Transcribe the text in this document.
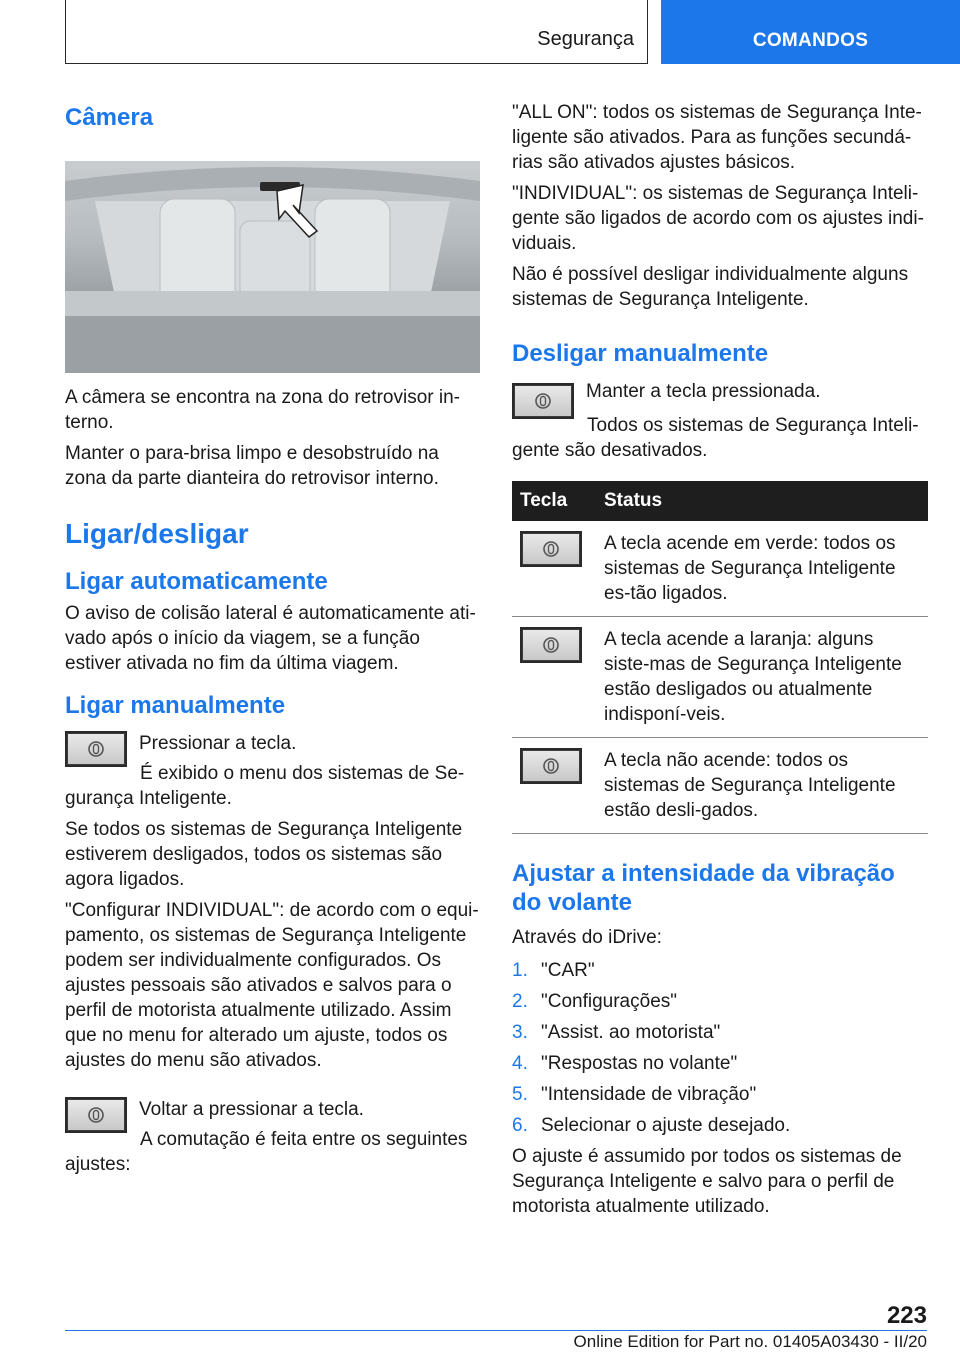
Segurança	COMANDOS
Câmera

A câmera se encontra na zona do retrovisor in-terno.

Manter o para-brisa limpo e desobstruído na zona da parte dianteira do retrovisor interno.

Ligar/desligar
Ligar automaticamente

O aviso de colisão lateral é automaticamente ati-vado após o início da viagem, se a função estiver ativada no fim da última viagem.

Ligar manualmente

Pressionar a tecla.

É exibido o menu dos sistemas de Se-gurança Inteligente.

Se todos os sistemas de Segurança Inteligente estiverem desligados, todos os sistemas são agora ligados.

"Configurar INDIVIDUAL": de acordo com o equi-pamento, os sistemas de Segurança Inteligente podem ser individualmente configurados. Os ajustes pessoais são ativados e salvos para o perfil de motorista atualmente utilizado. Assim que no menu for alterado um ajuste, todos os ajustes do menu são ativados.

Voltar a pressionar a tecla.

A comutação é feita entre os seguintes ajustes:

"ALL ON": todos os sistemas de Segurança Inte-ligente são ativados. Para as funções secundá-rias são ativados ajustes básicos.

"INDIVIDUAL": os sistemas de Segurança Inteli-gente são ligados de acordo com os ajustes indi-viduais.

Não é possível desligar individualmente alguns sistemas de Segurança Inteligente.

Desligar manualmente

Manter a tecla pressionada.

Todos os sistemas de Segurança Inteli-gente são desativados.

Tecla	Status

	A tecla acende em verde: todos os sistemas de Segurança Inteligente es-tão ligados.

	A tecla acende a laranja: alguns siste-mas de Segurança Inteligente estão desligados ou atualmente indisponí-veis.

	A tecla não acende: todos os sistemas de Segurança Inteligente estão desli-gados.
Ajustar a intensidade da vibração do volante

Através do iDrive:

1. "CAR"
2. "Configurações"
3. "Assist. ao motorista"
4. "Respostas no volante"
5. "Intensidade de vibração"
6. Selecionar o ajuste desejado.

O ajuste é assumido por todos os sistemas de Segurança Inteligente e salvo para o perfil de motorista atualmente utilizado.

223
Online Edition for Part no. 01405A03430 - II/20
